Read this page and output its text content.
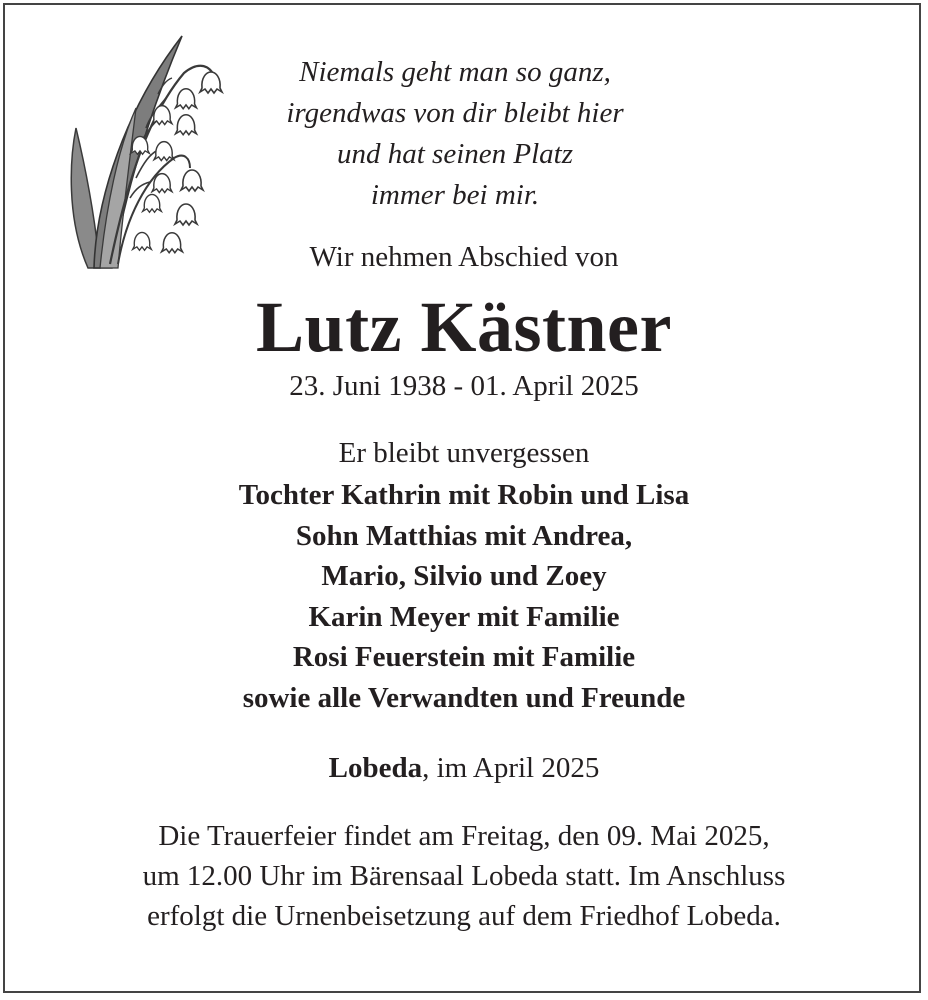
Niemals geht man so ganz,
irgendwas von dir bleibt hier
und hat seinen Platz
immer bei mir.
Wir nehmen Abschied von
Lutz Kästner
23. Juni 1938 - 01. April 2025
Er bleibt unvergessen
Tochter Kathrin mit Robin und Lisa
Sohn Matthias mit Andrea,
Mario, Silvio und Zoey
Karin Meyer mit Familie
Rosi Feuerstein mit Familie
sowie alle Verwandten und Freunde
Lobeda, im April 2025
Die Trauerfeier findet am Freitag, den 09. Mai 2025,
um 12.00 Uhr im Bärensaal Lobeda statt. Im Anschluss
erfolgt die Urnenbeisetzung auf dem Friedhof Lobeda.
